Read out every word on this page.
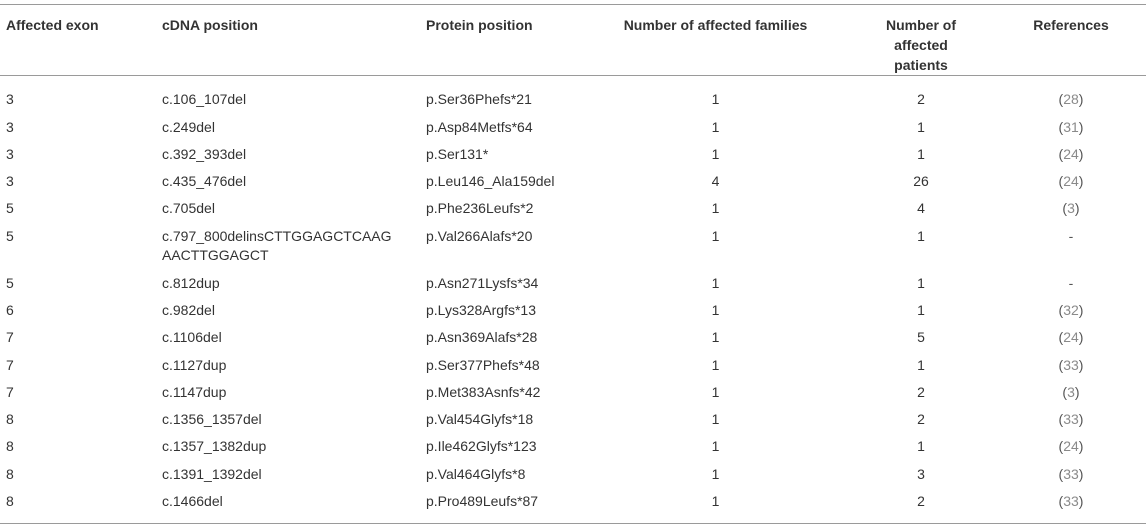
Affected exon	cDNA position	Protein position	Number of affected families	Number of affected patients	References
3	c.106_107del	p.Ser36Phefs*21	1	2	(28)
3	c.249del	p.Asp84Metfs*64	1	1	(31)
3	c.392_393del	p.Ser131*	1	1	(24)
3	c.435_476del	p.Leu146_Ala159del	4	26	(24)
5	c.705del	p.Phe236Leufs*2	1	4	(3)
5	c.797_800delinsCTTGGAGCTCAAG
AACTTGGAGCT	p.Val266Alafs*20	1	1	-
5	c.812dup	p.Asn271Lysfs*34	1	1	-
6	c.982del	p.Lys328Argfs*13	1	1	(32)
7	c.1106del	p.Asn369Alafs*28	1	5	(24)
7	c.1127dup	p.Ser377Phefs*48	1	1	(33)
7	c.1147dup	p.Met383Asnfs*42	1	2	(3)
8	c.1356_1357del	p.Val454Glyfs*18	1	2	(33)
8	c.1357_1382dup	p.Ile462Glyfs*123	1	1	(24)
8	c.1391_1392del	p.Val464Glyfs*8	1	3	(33)
8	c.1466del	p.Pro489Leufs*87	1	2	(33)
